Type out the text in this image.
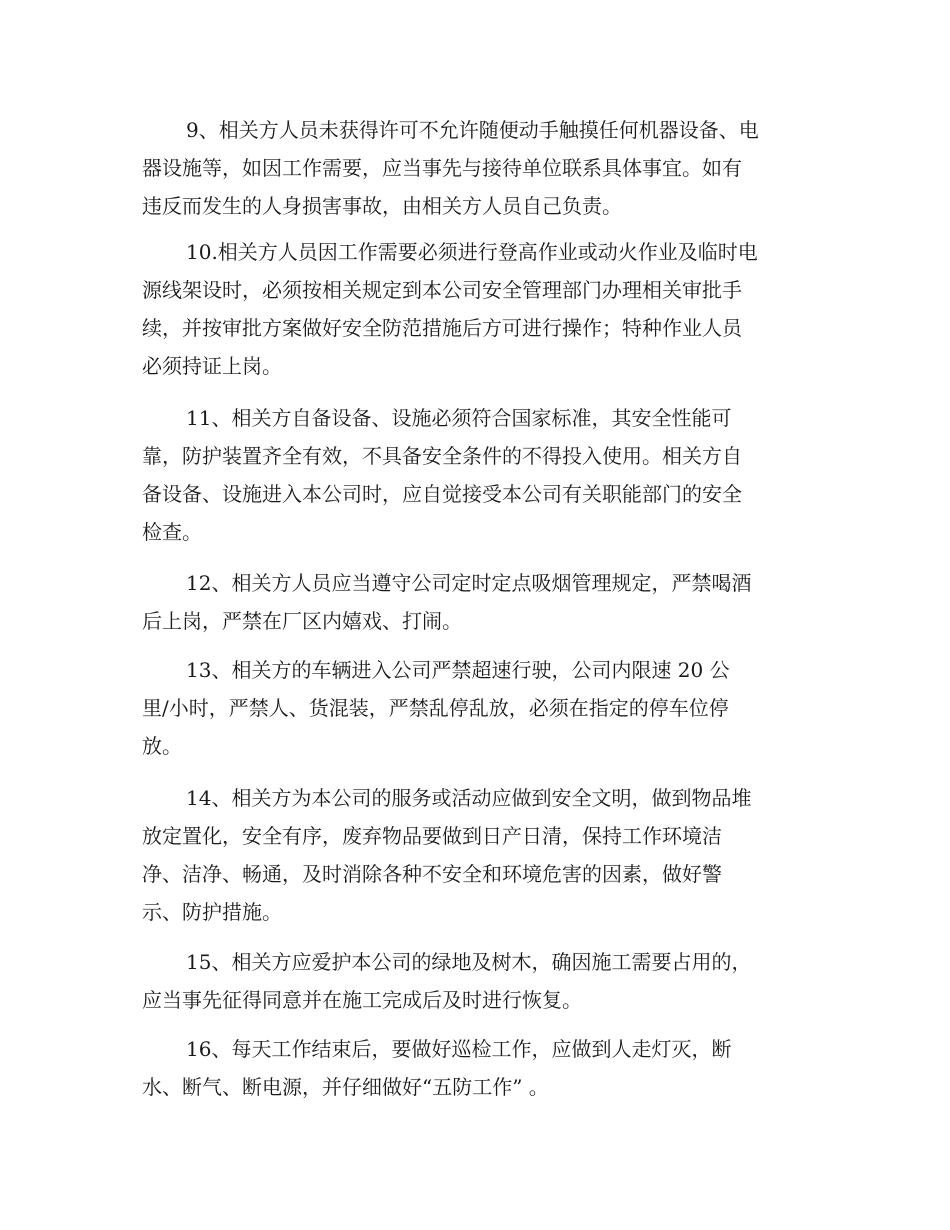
9、相关方人员未获得许可不允许随便动手触摸任何机器设备、电
器设施等，如因工作需要，应当事先与接待单位联系具体事宜。如有
违反而发生的人身损害事故，由相关方人员自己负责。

10.相关方人员因工作需要必须进行登高作业或动火作业及临时电
源线架设时，必须按相关规定到本公司安全管理部门办理相关审批手
续，并按审批方案做好安全防范措施后方可进行操作；特种作业人员
必须持证上岗。

11、相关方自备设备、设施必须符合国家标准，其安全性能可
靠，防护装置齐全有效，不具备安全条件的不得投入使用。相关方自
备设备、设施进入本公司时，应自觉接受本公司有关职能部门的安全
检查。

12、相关方人员应当遵守公司定时定点吸烟管理规定，严禁喝酒
后上岗，严禁在厂区内嬉戏、打闹。

13、相关方的车辆进入公司严禁超速行驶，公司内限速 20 公
里/小时，严禁人、货混装，严禁乱停乱放，必须在指定的停车位停
放。

14、相关方为本公司的服务或活动应做到安全文明，做到物品堆
放定置化，安全有序，废弃物品要做到日产日清，保持工作环境洁
净、洁净、畅通，及时消除各种不安全和环境危害的因素，做好警
示、防护措施。

15、相关方应爱护本公司的绿地及树木，确因施工需要占用的，
应当事先征得同意并在施工完成后及时进行恢复。

16、每天工作结束后，要做好巡检工作，应做到人走灯灭，断
水、断气、断电源，并仔细做好“五防工作” 。
